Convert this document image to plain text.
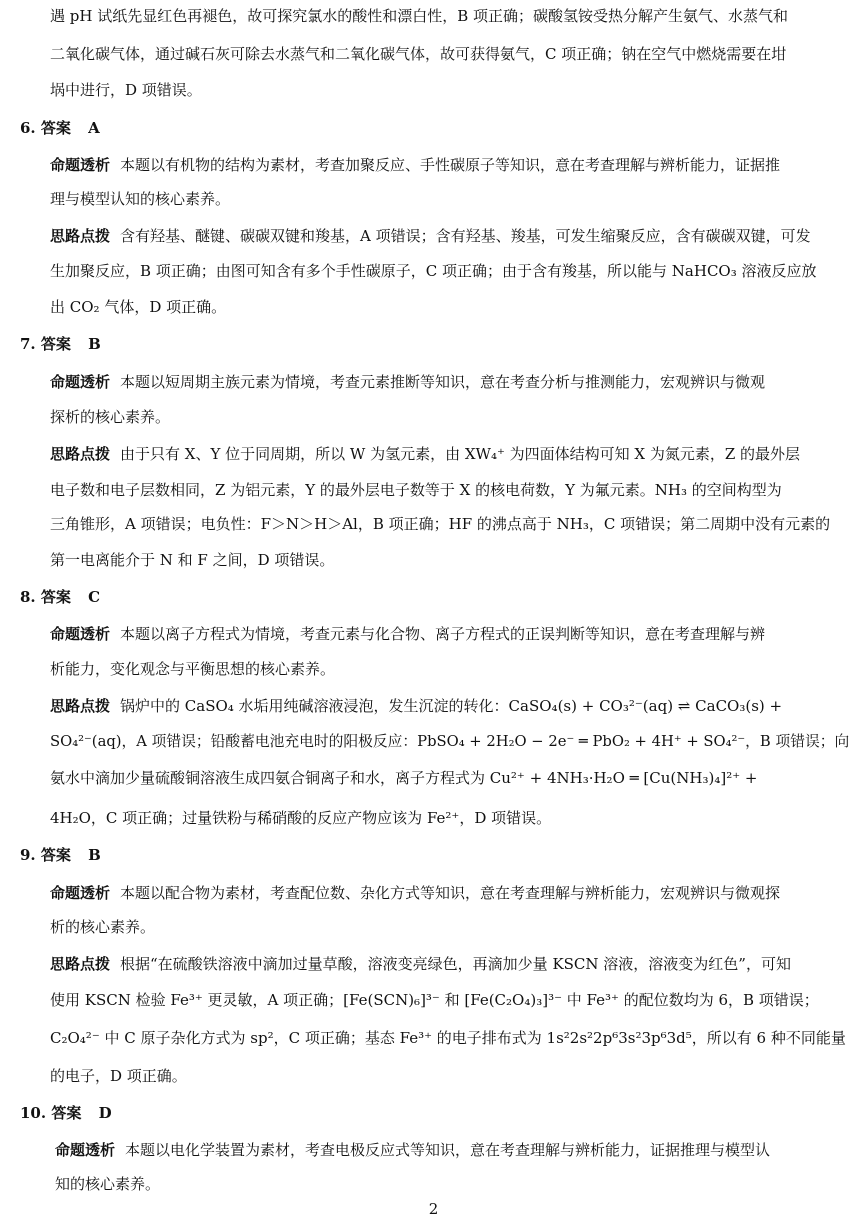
遇 pH 试纸先显红色再褪色，故可探究氯水的酸性和漂白性，B 项正确；碳酸氢铵受热分解产生氨气、水蒸气和
二氧化碳气体，通过碱石灰可除去水蒸气和二氧化碳气体，故可获得氨气，C 项正确；钠在空气中燃烧需要在坩
埚中进行，D 项错误。
6. 答案 A
命题透析 本题以有机物的结构为素材，考查加聚反应、手性碳原子等知识，意在考查理解与辨析能力，证据推
理与模型认知的核心素养。
思路点拨 含有羟基、醚键、碳碳双键和羧基，A 项错误；含有羟基、羧基，可发生缩聚反应，含有碳碳双键，可发
生加聚反应，B 项正确；由图可知含有多个手性碳原子，C 项正确；由于含有羧基，所以能与 NaHCO₃ 溶液反应放
出 CO₂ 气体，D 项正确。
7. 答案 B
命题透析 本题以短周期主族元素为情境，考查元素推断等知识，意在考查分析与推测能力，宏观辨识与微观
探析的核心素养。
思路点拨 由于只有 X、Y 位于同周期，所以 W 为氢元素，由 XW₄⁺ 为四面体结构可知 X 为氮元素，Z 的最外层
电子数和电子层数相同，Z 为铝元素，Y 的最外层电子数等于 X 的核电荷数，Y 为氟元素。NH₃ 的空间构型为
三角锥形，A 项错误；电负性：F＞N＞H＞Al，B 项正确；HF 的沸点高于 NH₃，C 项错误；第二周期中没有元素的
第一电离能介于 N 和 F 之间，D 项错误。
8. 答案 C
命题透析 本题以离子方程式为情境，考查元素与化合物、离子方程式的正误判断等知识，意在考查理解与辨
析能力，变化观念与平衡思想的核心素养。
思路点拨 锅炉中的 CaSO₄ 水垢用纯碱溶液浸泡，发生沉淀的转化：CaSO₄(s) + CO₃²⁻(aq) ⇌ CaCO₃(s) +
SO₄²⁻(aq)，A 项错误；铅酸蓄电池充电时的阳极反应：PbSO₄ + 2H₂O − 2e⁻ ═ PbO₂ + 4H⁺ + SO₄²⁻，B 项错误；向
氨水中滴加少量硫酸铜溶液生成四氨合铜离子和水，离子方程式为 Cu²⁺ + 4NH₃·H₂O ═ [Cu(NH₃)₄]²⁺ +
4H₂O，C 项正确；过量铁粉与稀硝酸的反应产物应该为 Fe²⁺，D 项错误。
9. 答案 B
命题透析 本题以配合物为素材，考查配位数、杂化方式等知识，意在考查理解与辨析能力，宏观辨识与微观探
析的核心素养。
思路点拨 根据“在硫酸铁溶液中滴加过量草酸，溶液变亮绿色，再滴加少量 KSCN 溶液，溶液变为红色”，可知
使用 KSCN 检验 Fe³⁺ 更灵敏，A 项正确；[Fe(SCN)₆]³⁻ 和 [Fe(C₂O₄)₃]³⁻ 中 Fe³⁺ 的配位数均为 6，B 项错误；
C₂O₄²⁻ 中 C 原子杂化方式为 sp²，C 项正确；基态 Fe³⁺ 的电子排布式为 1s²2s²2p⁶3s²3p⁶3d⁵，所以有 6 种不同能量
的电子，D 项正确。
10. 答案 D
命题透析 本题以电化学装置为素材，考查电极反应式等知识，意在考查理解与辨析能力，证据推理与模型认
知的核心素养。
2
